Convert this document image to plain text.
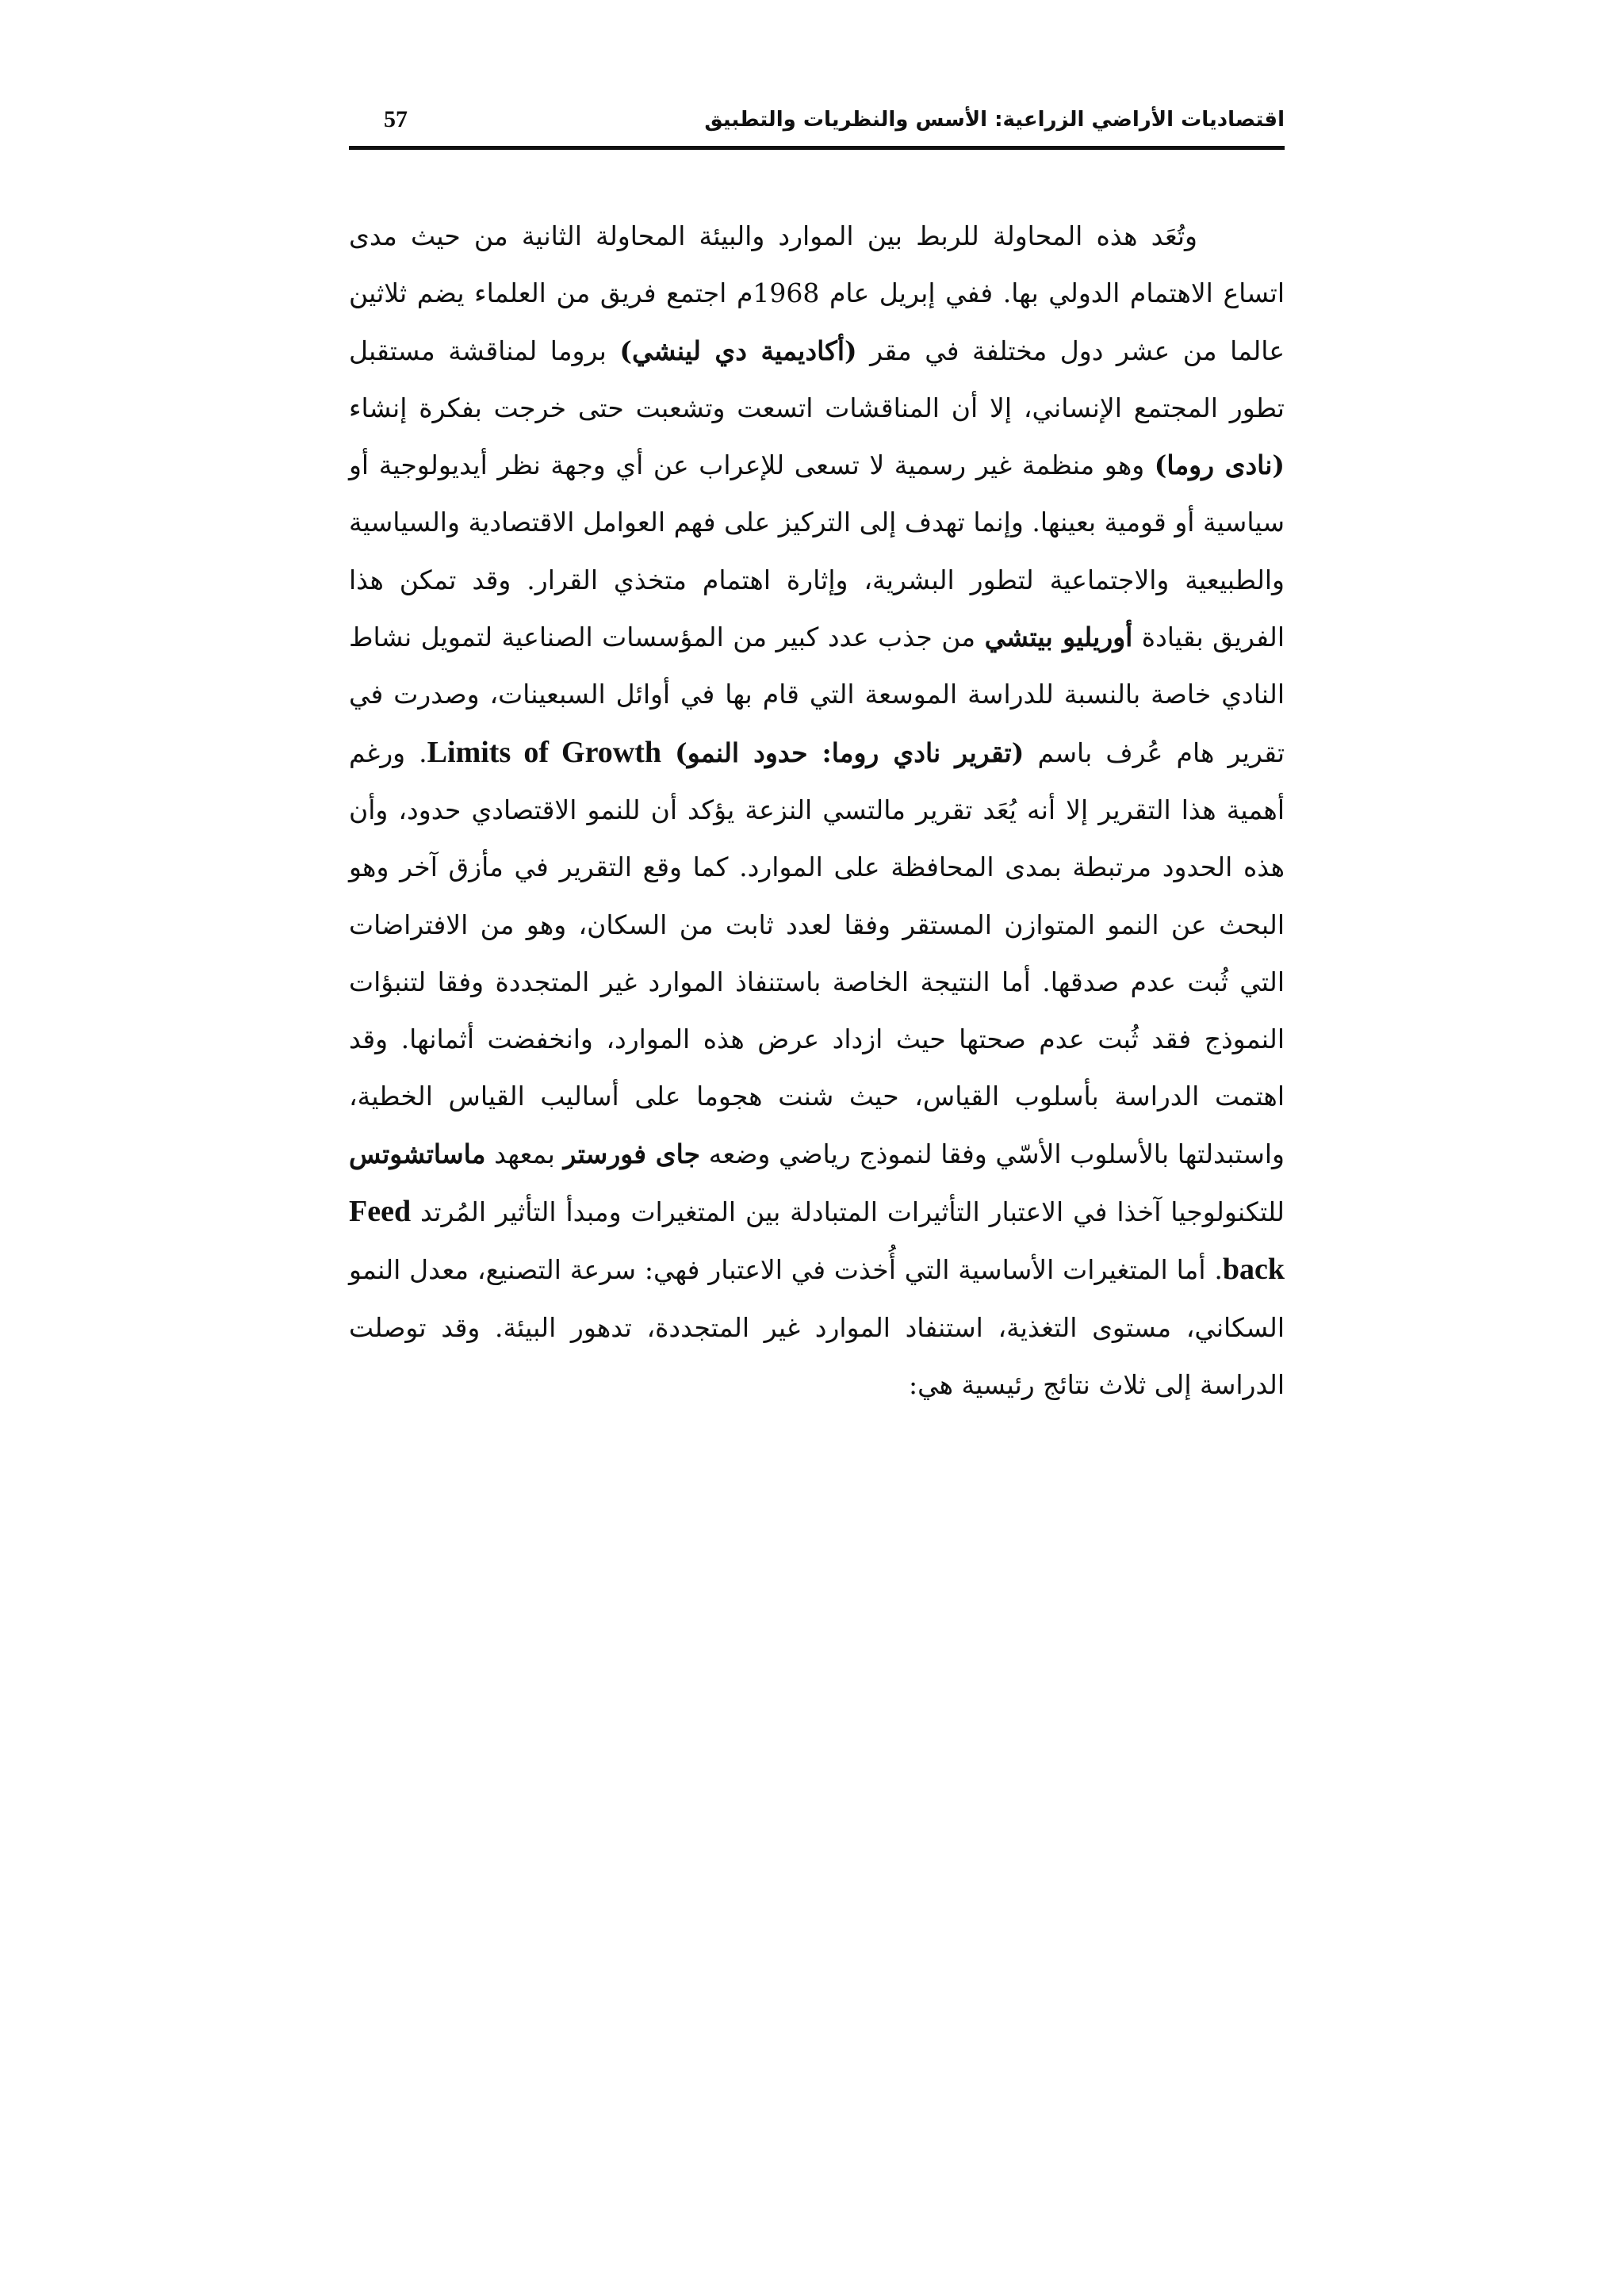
اقتصاديات الأراضي الزراعية: الأسس والنظريات والتطبيق
57

وتُعَد هذه المحاولة للربط بين الموارد والبيئة المحاولة الثانية من حيث مدى اتساع الاهتمام الدولي بها. ففي إبريل عام 1968م اجتمع فريق من العلماء يضم ثلاثين عالما من عشر دول مختلفة في مقر (أكاديمية دي لينشي) بروما لمناقشة مستقبل تطور المجتمع الإنساني، إلا أن المناقشات اتسعت وتشعبت حتى خرجت بفكرة إنشاء (نادى روما) وهو منظمة غير رسمية لا تسعى للإعراب عن أي وجهة نظر أيديولوجية أو سياسية أو قومية بعينها. وإنما تهدف إلى التركيز على فهم العوامل الاقتصادية والسياسية والطبيعية والاجتماعية لتطور البشرية، وإثارة اهتمام متخذي القرار. وقد تمكن هذا الفريق بقيادة أوريليو بيتشي من جذب عدد كبير من المؤسسات الصناعية لتمويل نشاط النادي خاصة بالنسبة للدراسة الموسعة التي قام بها في أوائل السبعينات، وصدرت في تقرير هام عُرف باسم (تقرير نادي روما: حدود النمو) Limits of Growth. ورغم أهمية هذا التقرير إلا أنه يُعَد تقرير مالتسي النزعة يؤكد أن للنمو الاقتصادي حدود، وأن هذه الحدود مرتبطة بمدى المحافظة على الموارد. كما وقع التقرير في مأزق آخر وهو البحث عن النمو المتوازن المستقر وفقا لعدد ثابت من السكان، وهو من الافتراضات التي ثُبت عدم صدقها. أما النتيجة الخاصة باستنفاذ الموارد غير المتجددة وفقا لتنبؤات النموذج فقد ثُبت عدم صحتها حيث ازداد عرض هذه الموارد، وانخفضت أثمانها. وقد اهتمت الدراسة بأسلوب القياس، حيث شنت هجوما على أساليب القياس الخطية، واستبدلتها بالأسلوب الأسّي وفقا لنموذج رياضي وضعه جاى فورستر بمعهد ماساتشوتس للتكنولوجيا آخذا في الاعتبار التأثيرات المتبادلة بين المتغيرات ومبدأ التأثير المُرتد Feed back. أما المتغيرات الأساسية التي أُخذت في الاعتبار فهي: سرعة التصنيع، معدل النمو السكاني، مستوى التغذية، استنفاد الموارد غير المتجددة، تدهور البيئة. وقد توصلت الدراسة إلى ثلاث نتائج رئيسية هي:
